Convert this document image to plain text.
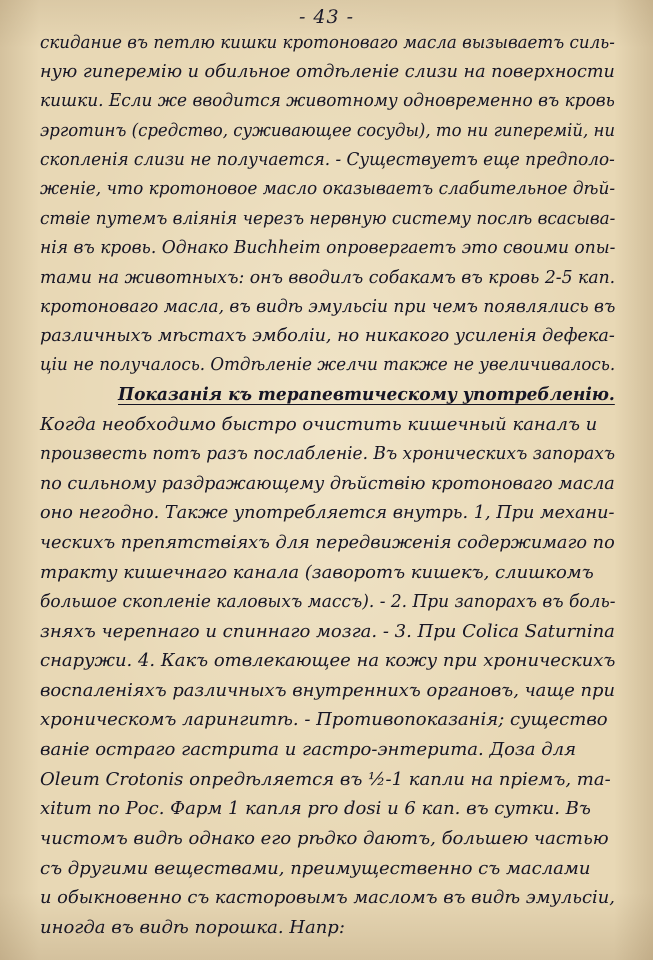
- 43 -
скидание въ петлю кишки кротоноваго масла вызываетъ силь-
ную гиперемію и обильное отдѣленіе слизи на поверхности
кишки. Если же вводится животному одновременно въ кровь
эрготинъ (средство, суживающее сосуды), то ни гиперемій, ни
скопленія слизи не получается. - Существуетъ еще предполо-
женіе, что кротоновое масло оказываетъ слабительное дѣй-
ствіе путемъ вліянія черезъ нервную систему послѣ всасыва-
нія въ кровь. Однако Buchheim опровергаетъ это своими опы-
тами на животныхъ: онъ вводилъ собакамъ въ кровь 2-5 кап.
кротоноваго масла, въ видѣ эмульсіи при чемъ появлялись въ
различныхъ мѣстахъ эмболіи, но никакого усиленія дефека-
ціи не получалось. Отдѣленіе желчи также не увеличивалось.
Показанія къ терапевтическому употребленію.
Когда необходимо быстро очистить кишечный каналъ и
произвесть потъ разъ послабленіе. Въ хроническихъ запорахъ
по сильному раздражающему дѣйствію кротоноваго масла
оно негодно. Также употребляется внутрь. 1, При механи-
ческихъ препятствіяхъ для передвиженія содержимаго по
тракту кишечнаго канала (заворотъ кишекъ, слишкомъ
большое скопленіе каловыхъ массъ). - 2. При запорахъ въ боль-
зняхъ черепнаго и спиннаго мозга. - 3. При Colica Saturnina
снаружи. 4. Какъ отвлекающее на кожу при хроническихъ
воспаленіяхъ различныхъ внутреннихъ органовъ, чаще при
хроническомъ ларингитѣ. - Противопоказанія; существо
ваніе остраго гастрита и гастро-энтерита. Доза для
Oleum Crotonis опредѣляется въ ½-1 капли на пріемъ, та-
xitum по Рос. Фарм 1 капля pro dosi и 6 кап. въ сутки. Въ
чистомъ видѣ однако его рѣдко даютъ, большею частью
съ другими веществами, преимущественно съ маслами
и обыкновенно съ касторовымъ масломъ въ видѣ эмульсіи,
иногда въ видѣ порошка. Напр:
